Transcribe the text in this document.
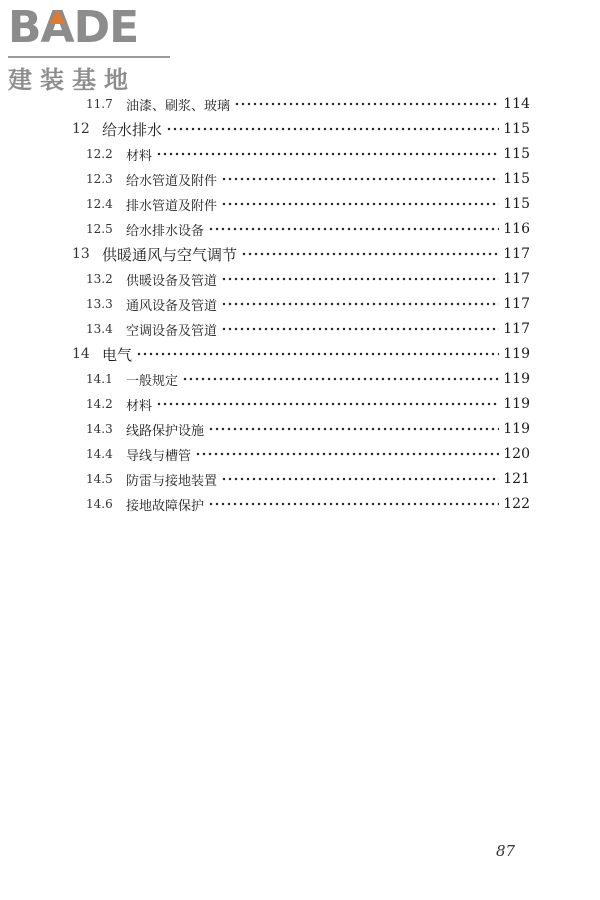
BA
DE
建装基地
11.7	油漆、刷浆、玻璃	114
12 给水排水	115
12.2	材料	115
12.3	给水管道及附件	115
12.4	排水管道及附件	115
12.5	给水排水设备	116
13 供暖通风与空气调节	117
13.2	供暖设备及管道	117
13.3	通风设备及管道	117
13.4	空调设备及管道	117
14 电气	119
14.1	一般规定	119
14.2	材料	119
14.3	线路保护设施	119
14.4	导线与槽管	120
14.5	防雷与接地装置	121
14.6	接地故障保护	122
87
